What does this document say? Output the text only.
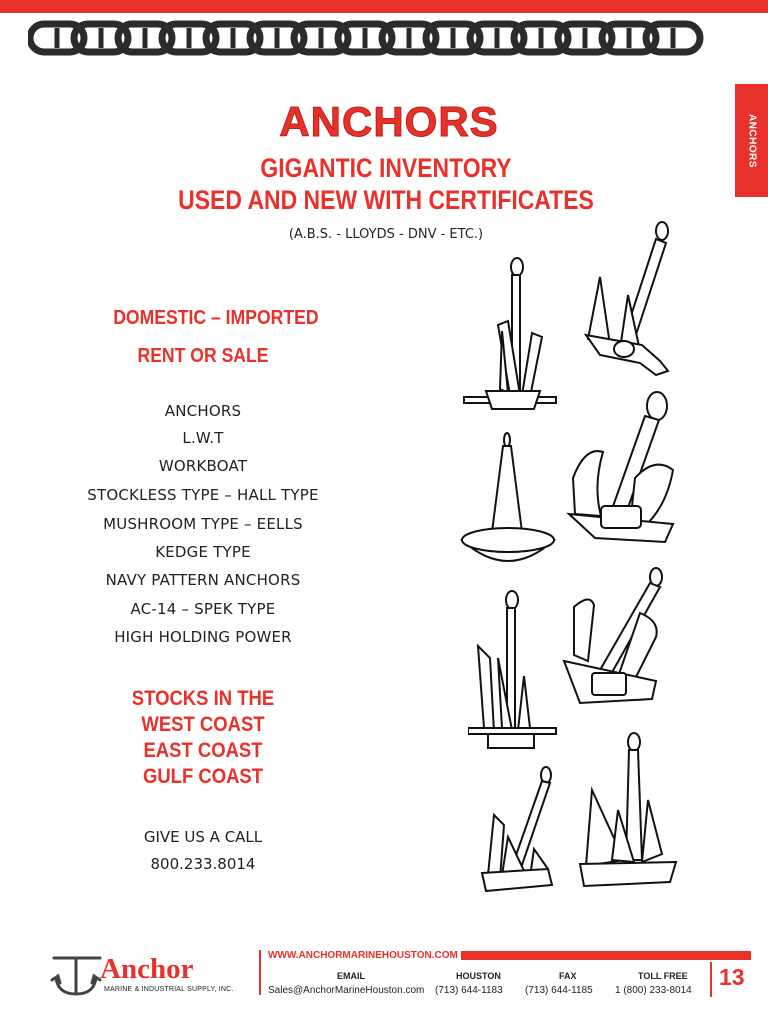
ANCHORS
ANCHORS
GIGANTIC INVENTORY
USED AND NEW WITH CERTIFICATES
(A.B.S. - LLOYDS - DNV - ETC.)
DOMESTIC – IMPORTED
RENT OR SALE
ANCHORS
L.W.T
WORKBOAT
STOCKLESS TYPE – HALL TYPE
MUSHROOM TYPE – EELLS
KEDGE TYPE
NAVY PATTERN ANCHORS
AC-14 – SPEK TYPE
HIGH HOLDING POWER
STOCKS IN THE
WEST COAST
EAST COAST
GULF COAST
GIVE US A CALL
800.233.8014
Anchor
MARINE & INDUSTRIAL SUPPLY, INC.
WWW.ANCHORMARINEHOUSTON.COM
EMAIL
Sales@AnchorMarineHouston.com
HOUSTON
(713) 644-1183
FAX
(713) 644-1185
TOLL FREE
1 (800) 233-8014
13
